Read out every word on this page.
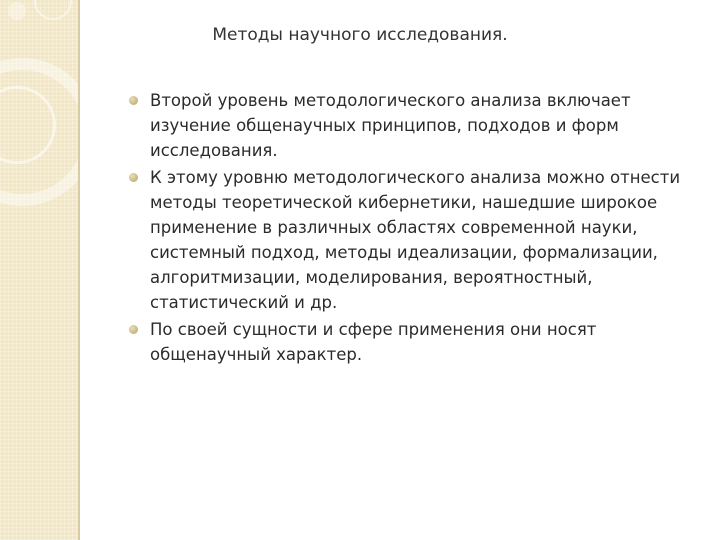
Методы научного исследования.
Второй уровень методологического анализа включает изучение общенаучных принципов, подходов и форм исследования.
К этому уровню методологического анализа можно отнести методы теоретической кибернетики, нашедшие широкое применение в различных областях современной науки, системный подход, методы идеализации, формализации, алгоритмизации, моделирования, вероятностный, статистический и др.
По своей сущности и сфере применения они носят общенаучный характер.
